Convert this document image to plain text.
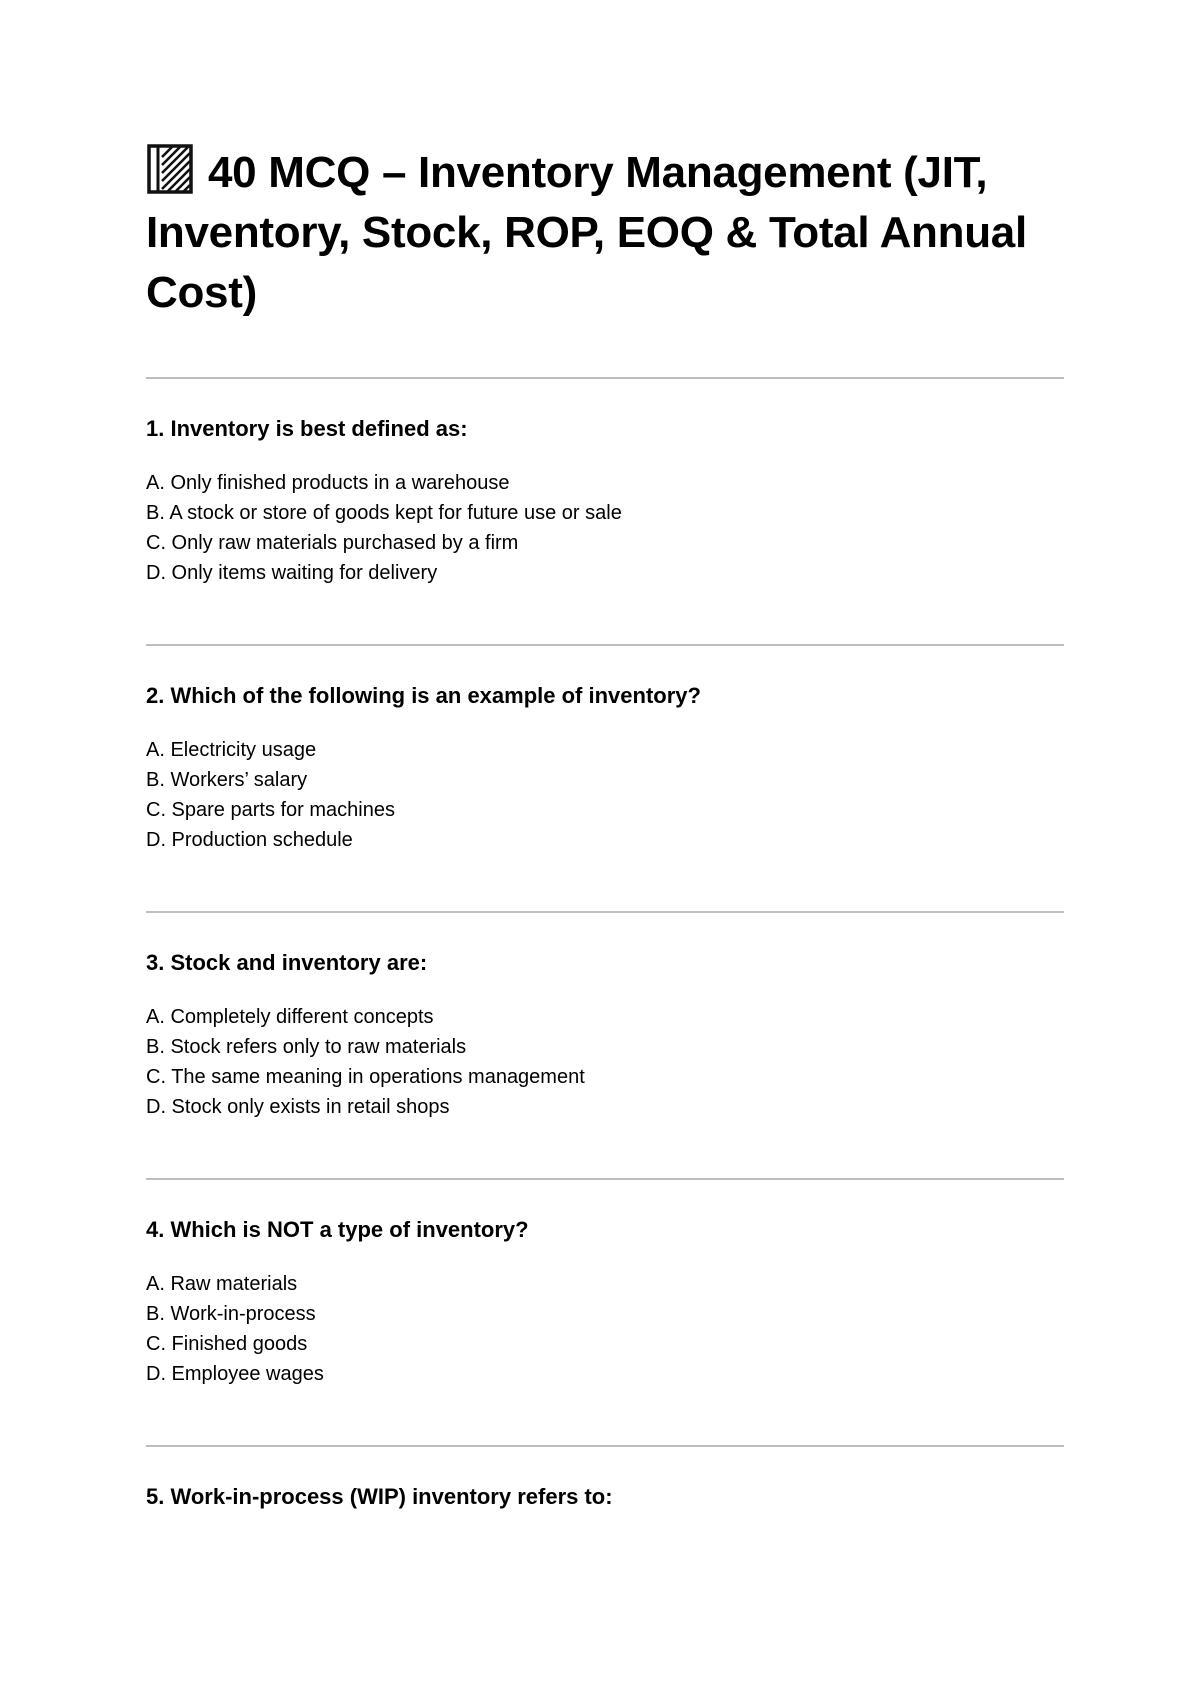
40 MCQ – Inventory Management (JIT, Inventory, Stock, ROP, EOQ & Total Annual Cost)

1. Inventory is best defined as:

A. Only finished products in a warehouse
B. A stock or store of goods kept for future use or sale
C. Only raw materials purchased by a firm
D. Only items waiting for delivery

2. Which of the following is an example of inventory?

A. Electricity usage
B. Workers’ salary
C. Spare parts for machines
D. Production schedule

3. Stock and inventory are:

A. Completely different concepts
B. Stock refers only to raw materials
C. The same meaning in operations management
D. Stock only exists in retail shops

4. Which is NOT a type of inventory?

A. Raw materials
B. Work-in-process
C. Finished goods
D. Employee wages

5. Work-in-process (WIP) inventory refers to:
